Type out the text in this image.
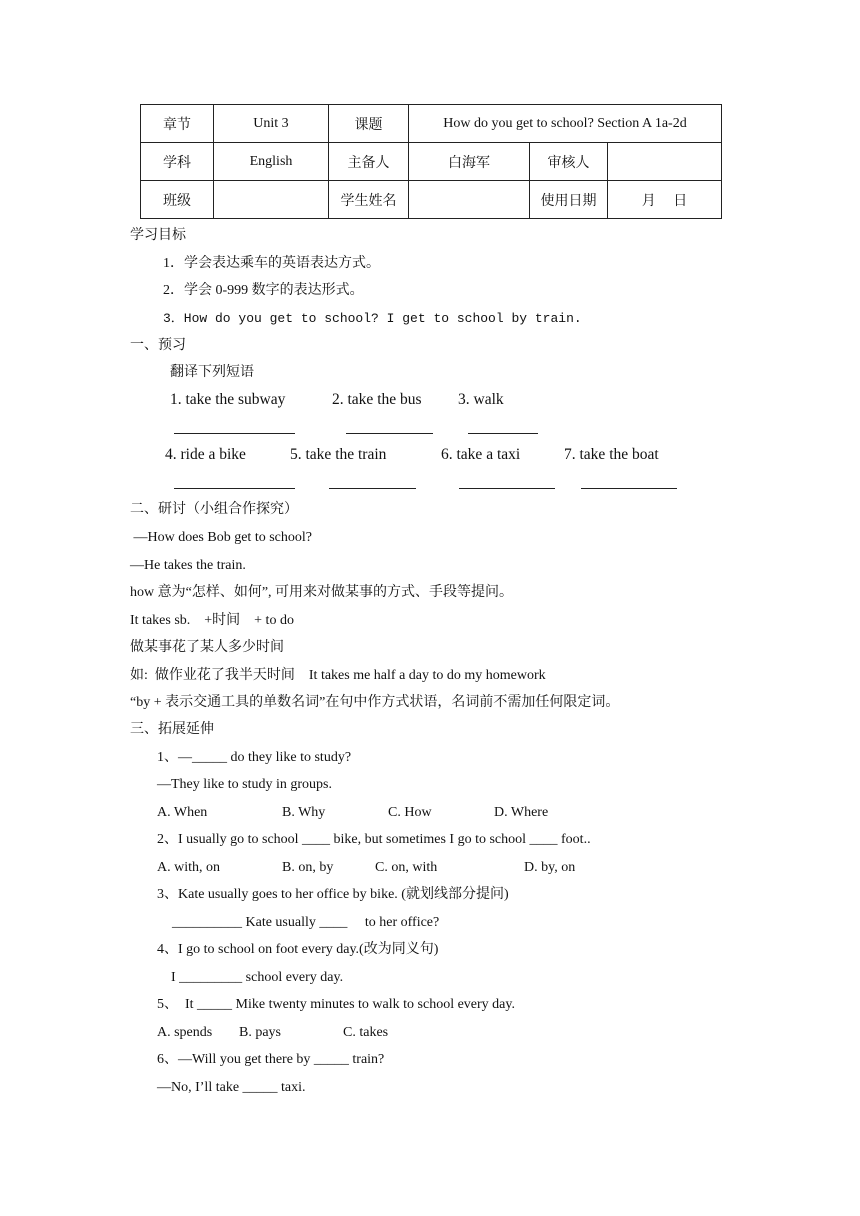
章节	Unit 3	课题	How do you get to school? Section A 1a-2d		
学科	English	主备人	白海军	审核人	
班级		学生姓名		使用日期	月　 日
学习目标
1．学会表达乘车的英语表达方式。
2．学会 0-999 数字的表达形式。
3．How do you get to school? I get to school by train.
一、预习
翻译下列短语
1. take the subway	2. take the bus 3. walk
4. ride a bike	5. take the train	6. take a taxi	7. take the boat
二、研讨（小组合作探究）
—How does Bob get to school?
—He takes the train.
how 意为“怎样、如何”, 可用来对做某事的方式、手段等提问。
It takes sb.　+时间　+ to do
做某事花了某人多少时间
如:  做作业花了我半天时间　It takes me half a day to do my homework
“by + 表示交通工具的单数名词”在句中作方式状语，名词前不需加任何限定词。
三、拓展延伸
1、—_____ do they like to study?
—They like to study in groups.
A. When	B. Why	C. How	D. Where
2、I usually go to school ____ bike, but sometimes I go to school ____ foot..
A. with, on	B. on, by	C. on, with	D. by, on
3、Kate usually goes to her office by bike. (就划线部分提问)
__________ Kate usually ____　 to her office?
4、I go to school on foot every day.(改为同义句)
I _________ school every day.
5、　It _____ Mike twenty minutes to walk to school every day.
A. spends B. pays	C. takes
6、—Will you get there by _____ train?
—No, I’ll take _____ taxi.
